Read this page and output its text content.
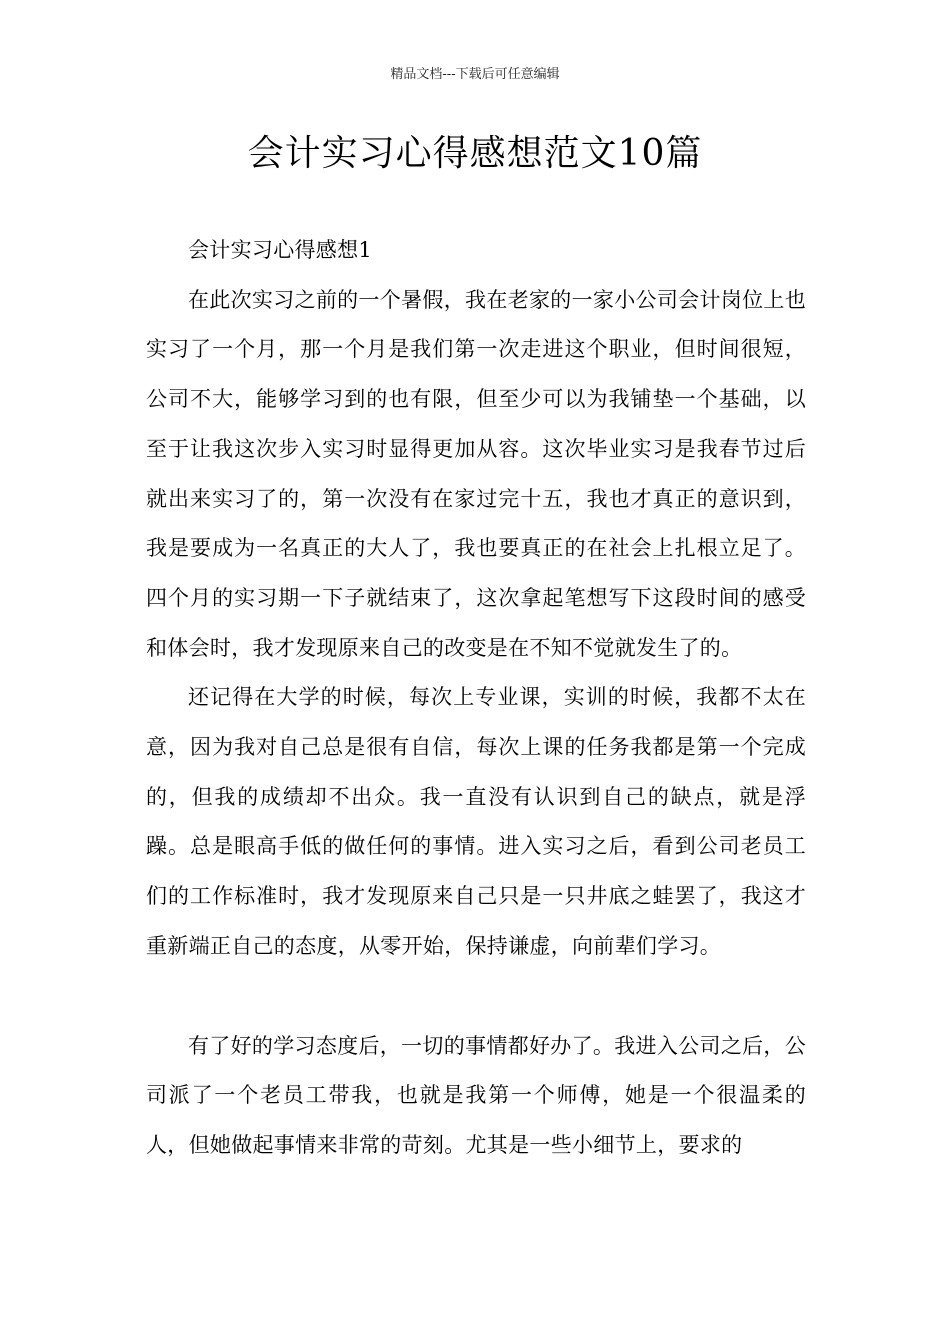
精品文档---下载后可任意编辑
会计实习心得感想范文10篇

会计实习心得感想1

在此次实习之前的一个暑假，我在老家的一家小公司会计岗位上也实习了一个月，那一个月是我们第一次走进这个职业，但时间很短，公司不大，能够学习到的也有限，但至少可以为我铺垫一个基础，以至于让我这次步入实习时显得更加从容。这次毕业实习是我春节过后就出来实习了的，第一次没有在家过完十五，我也才真正的意识到，我是要成为一名真正的大人了，我也要真正的在社会上扎根立足了。四个月的实习期一下子就结束了，这次拿起笔想写下这段时间的感受和体会时，我才发现原来自己的改变是在不知不觉就发生了的。

还记得在大学的时候，每次上专业课，实训的时候，我都不太在意，因为我对自己总是很有自信，每次上课的任务我都是第一个完成的，但我的成绩却不出众。我一直没有认识到自己的缺点，就是浮躁。总是眼高手低的做任何的事情。进入实习之后，看到公司老员工们的工作标准时，我才发现原来自己只是一只井底之蛙罢了，我这才重新端正自己的态度，从零开始，保持谦虚，向前辈们学习。

有了好的学习态度后，一切的事情都好办了。我进入公司之后，公司派了一个老员工带我，也就是我第一个师傅，她是一个很温柔的人，但她做起事情来非常的苛刻。尤其是一些小细节上，要求的
